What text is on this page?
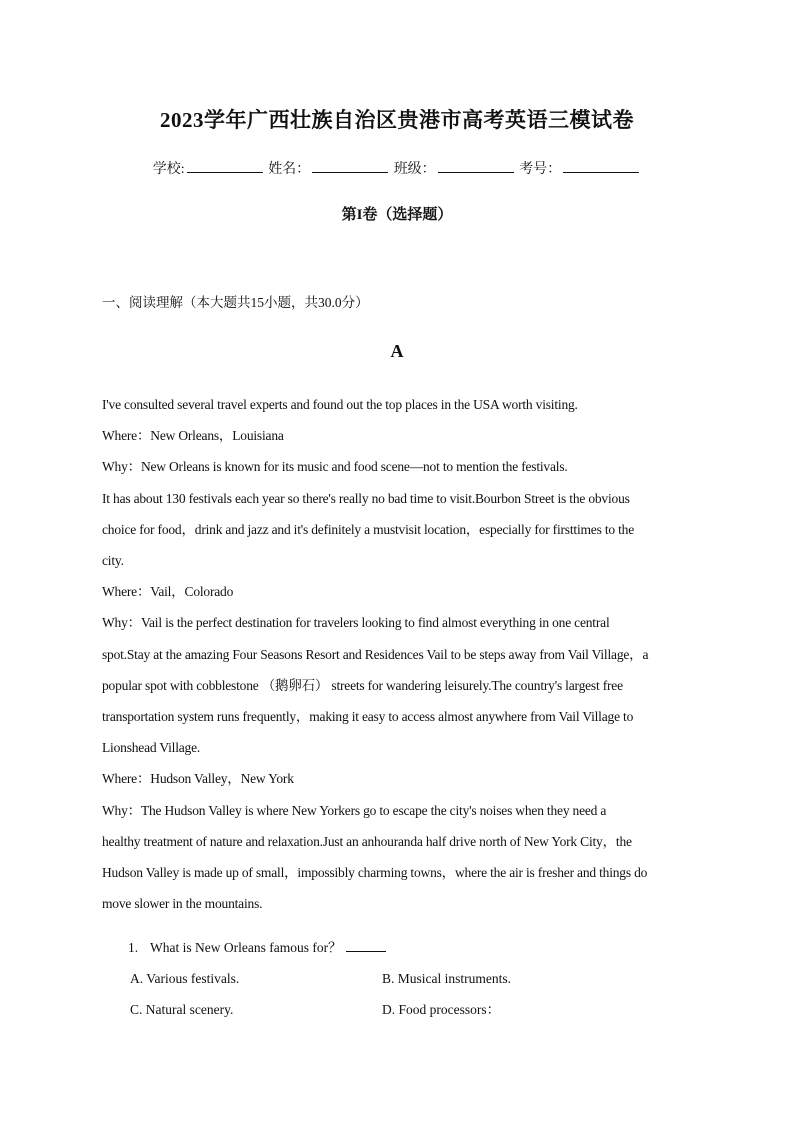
2023学年广西壮族自治区贵港市高考英语三模试卷
学校:	姓名：	班级：	考号：
第I卷（选择题）
一、阅读理解（本大题共15小题，共30.0分）
A

I've consulted several travel experts and found out the top places in the USA worth visiting.

Where：New Orleans，Louisiana

Why：New Orleans is known for its music and food scene—not to mention the festivals.

It has about 130 festivals each year so there's really no bad time to visit.Bourbon Street is the obvious

choice for food，drink and jazz and it's definitely a mustvisit location，especially for firsttimes to the

city.

Where：Vail，Colorado

Why：Vail is the perfect destination for travelers looking to find almost everything in one central

spot.Stay at the amazing Four Seasons Resort and Residences Vail to be steps away from Vail Village，a

popular spot with cobblestone （鹅卵石） streets for wandering leisurely.The country's largest free

transportation system runs frequently，making it easy to access almost anywhere from Vail Village to

Lionshead Village.

Where：Hudson Valley，New York

Why：The Hudson Valley is where New Yorkers go to escape the city's noises when they need a

healthy treatment of nature and relaxation.Just an anhouranda half drive north of New York City，the

Hudson Valley is made up of small，impossibly charming towns，where the air is fresher and things do

move slower in the mountains.

1. What is New Orleans famous for？

A. Various festivals.	B. Musical instruments.
C. Natural scenery.	D. Food processors：
